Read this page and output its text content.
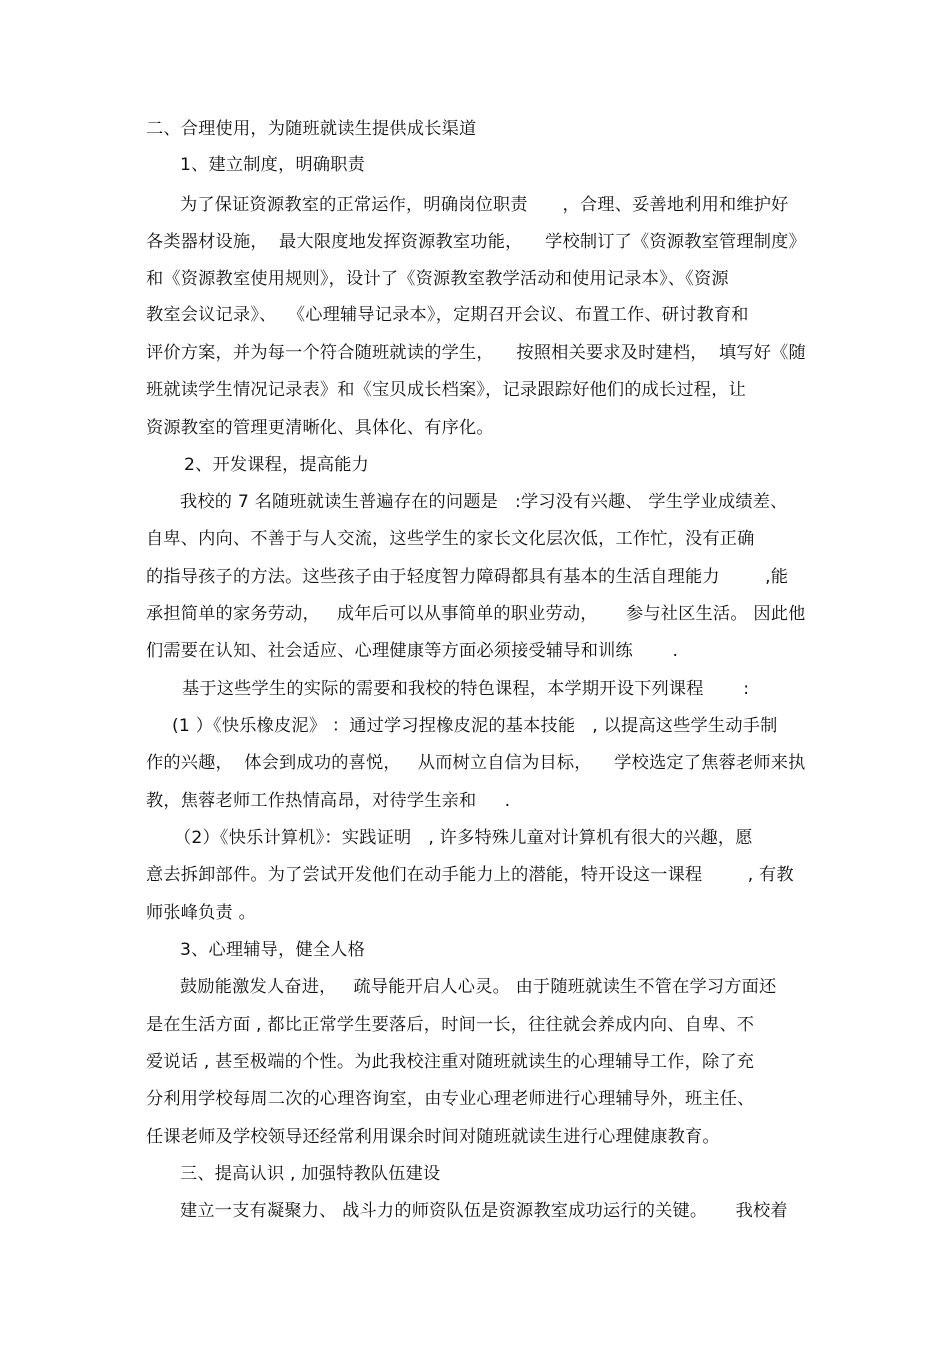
二、合理使用，为随班就读生提供成长渠道
1、建立制度，明确职责
为了保证资源教室的正常运作，明确岗位职责　　，合理、妥善地利用和维护好
各类器材设施，  最大限度地发挥资源教室功能，    学校制订了《资源教室管理制度》
和《资源教室使用规则》，设计了《资源教室教学活动和使用记录本》、《资源
教室会议记录》、  《心理辅导记录本》，定期召开会议、布置工作、研讨教育和
评价方案，并为每一个符合随班就读的学生，    按照相关要求及时建档，  填写好《随
班就读学生情况记录表》和《宝贝成长档案》，记录跟踪好他们的成长过程，让
资源教室的管理更清晰化、具体化、有序化。
2、开发课程，提高能力
我校的 7 名随班就读生普遍存在的问题是   :学习没有兴趣、 学生学业成绩差、
自卑、内向、不善于与人交流，这些学生的家长文化层次低，工作忙，没有正确
的指导孩子的方法。这些孩子由于轻度智力障碍都具有基本的生活自理能力        ,能
承担简单的家务劳动，   成年后可以从事简单的职业劳动，     参与社区生活。 因此他
们需要在认知、社会适应、心理健康等方面必须接受辅导和训练       .
基于这些学生的实际的需要和我校的特色课程，本学期开设下列课程       :
(1 ）《快乐橡皮泥》 ：通过学习捏橡皮泥的基本技能   , 以提高这些学生动手制
作的兴趣，  体会到成功的喜悦，   从而树立自信为目标，    学校选定了焦蓉老师来执
教，焦蓉老师工作热情高昂，对待学生亲和     .
（2）《快乐计算机》：实践证明   , 许多特殊儿童对计算机有很大的兴趣，愿
意去拆卸部件。为了尝试开发他们在动手能力上的潜能，特开设这一课程        , 有教
师张峰负责 。
3、心理辅导，健全人格
鼓励能激发人奋进，   疏导能开启人心灵。 由于随班就读生不管在学习方面还
是在生活方面 , 都比正常学生要落后，时间一长，往往就会养成内向、自卑、不
爱说话 , 甚至极端的个性。为此我校注重对随班就读生的心理辅导工作，除了充
分利用学校每周二次的心理咨询室，由专业心理老师进行心理辅导外，班主任、
任课老师及学校领导还经常利用课余时间对随班就读生进行心理健康教育。
三、提高认识 , 加强特教队伍建设
建立一支有凝聚力、 战斗力的师资队伍是资源教室成功运行的关键。     我校着
